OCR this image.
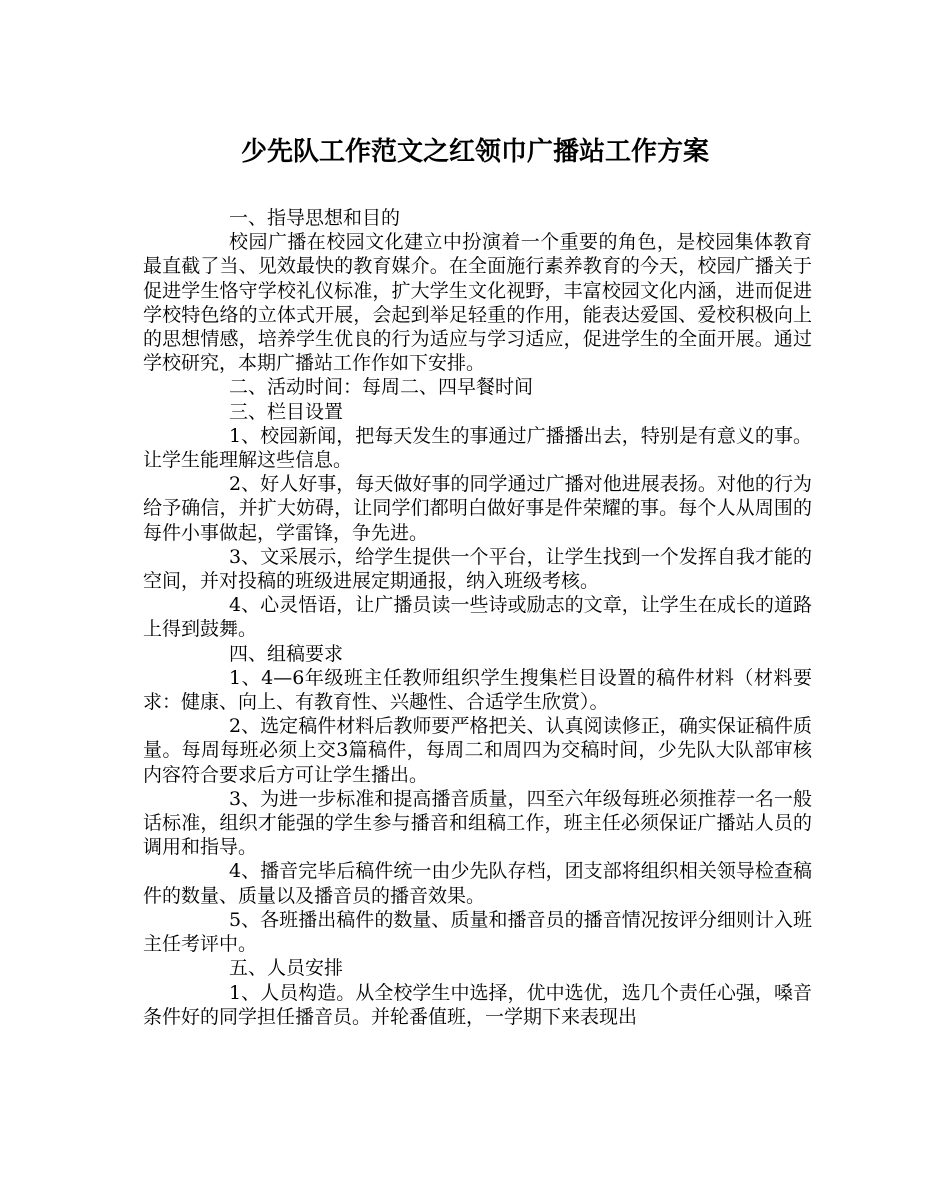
少先队工作范文之红领巾广播站工作方案

一、指导思想和目的

校园广播在校园文化建立中扮演着一个重要的角色，是校园集体教育最直截了当、见效最快的教育媒介。在全面施行素养教育的今天，校园广播关于促进学生恪守学校礼仪标准，扩大学生文化视野，丰富校园文化内涵，进而促进学校特色络的立体式开展，会起到举足轻重的作用，能表达爱国、爱校积极向上的思想情感，培养学生优良的行为适应与学习适应，促进学生的全面开展。通过学校研究，本期广播站工作作如下安排。

二、活动时间：每周二、四早餐时间

三、栏目设置

1、校园新闻，把每天发生的事通过广播播出去，特别是有意义的事。让学生能理解这些信息。

2、好人好事，每天做好事的同学通过广播对他进展表扬。对他的行为给予确信，并扩大妨碍，让同学们都明白做好事是件荣耀的事。每个人从周围的每件小事做起，学雷锋，争先进。

3、文采展示，给学生提供一个平台，让学生找到一个发挥自我才能的空间，并对投稿的班级进展定期通报，纳入班级考核。

4、心灵悟语，让广播员读一些诗或励志的文章，让学生在成长的道路上得到鼓舞。

四、组稿要求

1、4—6年级班主任教师组织学生搜集栏目设置的稿件材料（材料要求：健康、向上、有教育性、兴趣性、合适学生欣赏）。

2、选定稿件材料后教师要严格把关、认真阅读修正，确实保证稿件质量。每周每班必须上交3篇稿件，每周二和周四为交稿时间，少先队大队部审核内容符合要求后方可让学生播出。

3、为进一步标准和提高播音质量，四至六年级每班必须推荐一名一般话标准，组织才能强的学生参与播音和组稿工作，班主任必须保证广播站人员的调用和指导。

4、播音完毕后稿件统一由少先队存档，团支部将组织相关领导检查稿件的数量、质量以及播音员的播音效果。

5、各班播出稿件的数量、质量和播音员的播音情况按评分细则计入班主任考评中。

五、人员安排

1、人员构造。从全校学生中选择，优中选优，选几个责任心强，嗓音条件好的同学担任播音员。并轮番值班，一学期下来表现出
